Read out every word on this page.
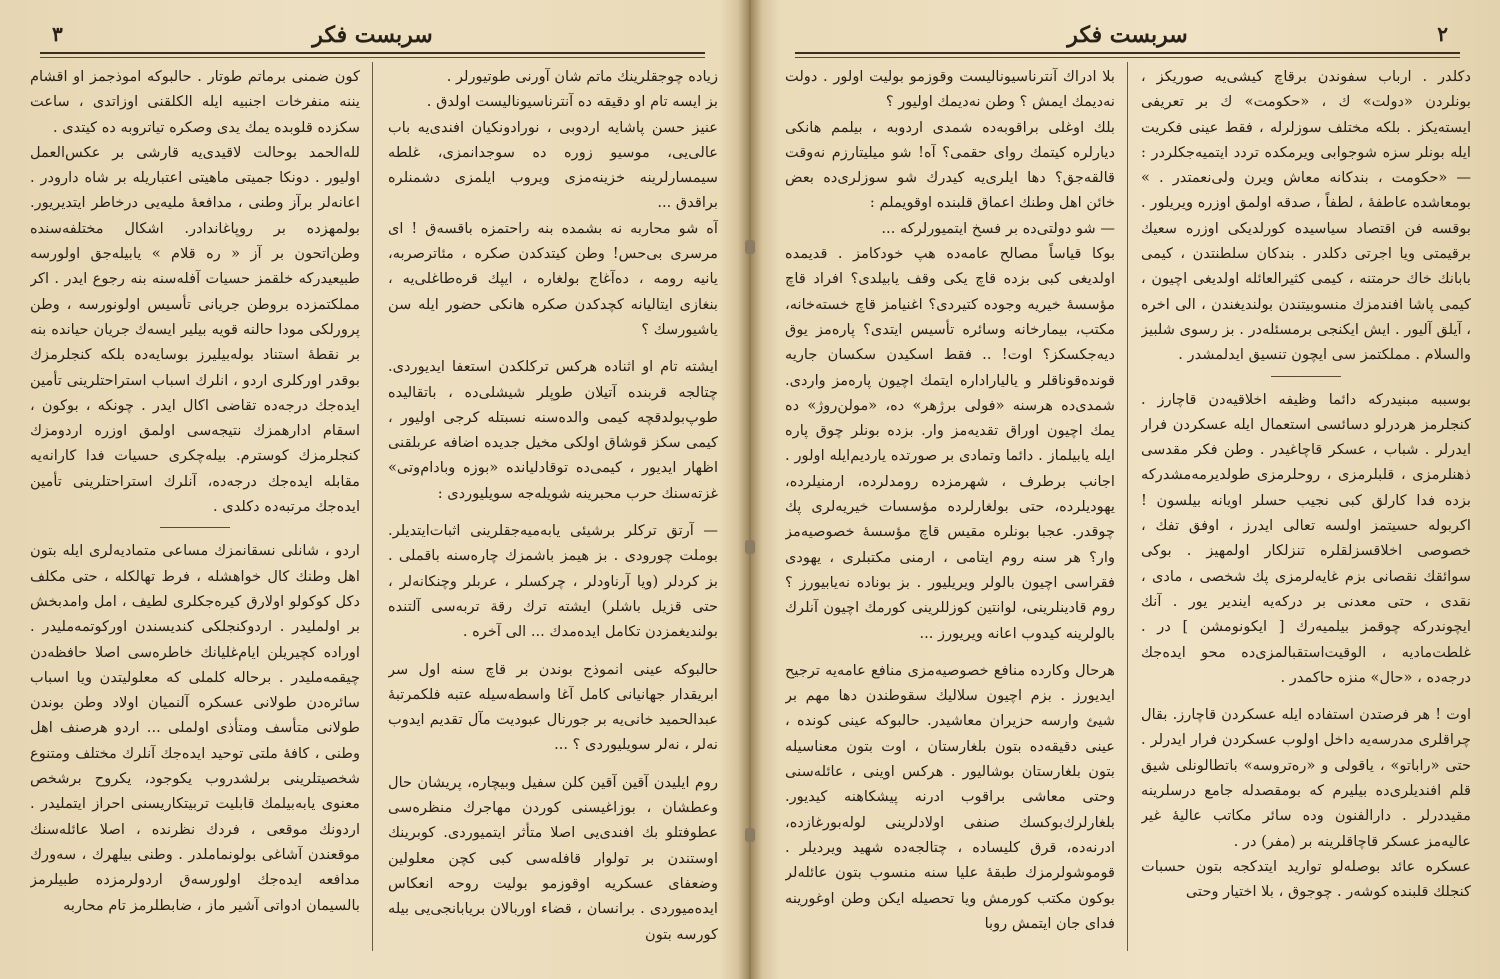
٣	سربست فكر

زياده چوجقلرينك ماتم شان آورنى طوتيورلر .

بز ايسه تام او دقيقه ده آنترناسيوناليست اولدق .

عنيز حسن پاشايه اردوبى ، نورادونكيان افندى‌يه باب عالى‌يى، موسيو زوره ده سوجدانمزى، غلطه سيمسارلرينه خزينه‌مزى ويروب ايلمزى دشمنلره براقدق ...

آه شو محاربه نه بشمده بنه راحتمزه باقسه‌ق ! اى مرسرى بى‌حس! وطن كيتدكدن صكره ، مئاترصربه، يانيه رومه ، ده‌آغاج بولغاره ، ايپك قره‌طاغلى‌يه ، بنغازى ايتاليانه كچدكدن صكره هانكى حضور ايله سن ياشيورسك ؟

ايشته تام او اثناده هركس تركلكدن استعفا ايديوردى. چتالجه قربنده آتيلان طوپلر شيشلى‌ده ، باتقاليده طوپ‌بولدقچه كيمى والده‌سنه نسبتله كرجى اوليور ، كيمى سكز قوشاق اولكى مخيل جديده اضافه عربلقنى اظهار ايديور ، كيمى‌ده توقادليانده «بوزه وبادام‌وتى» غزته‌سنك حرب محبرينه شويله‌جه سويليوردى :

— آرتق تركلر برشيئى يابه‌ميه‌جقلرينى اثبات‌ايتديلر. بوملت چورودى . بز هيمز باشمزك چاره‌سنه باقملى . بز كردلر (ويا آرناودلر ، چركسلر ، عربلر وچنكانه‌لر ، حتى قزيل باشلر) ايشته ترك رقة تربه‌سى آلتنده بولنديغمزدن تكامل ايده‌مدك ... الى آخره .

حالبوكه عينى انموذج بوندن بر قاچ سنه اول سر ابريقدار جهانيانى كامل آغا واسطه‌سيله عتبه فلكمرتبهٔ عبدالحميد خانى‌يه بر جورنال عبوديت مآل تقديم ايدوب نه‌لر ، نه‌لر سويليوردى ؟ ...

روم ايليدن آقين آقين كلن سفيل وبيچاره، پريشان حال وعطشان ، بوزاغيسنى كوردن مهاجرك منظره‌سى عطوفتلو بك افندى‌يى اصلا متأثر ايتميوردى. كوبرينك اوستندن بر تولوار قافله‌سى كبى كچن معلولين وضعفاى عسكريه اوقوزمو بوليت روحه انعكاس ايده‌ميوردى . برانسان ، قضاء اوربالان بريابانجى‌يى بيله كورسه بتون

كون ضمنى برماتم طوتار . حالبوكه اموذجمز او اقشام يننه منفرخات اجنبيه ايله الكلقنى اوزاتدى ، ساعت سكزده قلوبده يمك يدى وصكره تياتروبه ده كيتدى .

لله‌الحمد بوحالت لاقيدى‌يه قارشى بر عكس‌العمل اوليور . دونكا جميتى ماهيتى اعتباريله بر شاه دارودر . اعانه‌لر برآز وطنى ، مدافعهٔ مليه‌يى درخاطر ايتديريور. بولمهزده بر روپاغاندادر. اشكال مختلفه‌سنده وطن‌اتحون بر آز « ره قلام » يابيله‌جق اولورسه طبيعيدركه خلقمز حسيات آفله‌سنه بنه رجوع ايدر . اكر مملكتمزده بروطن جريانى تأسيس اولونورسه ، وطن پرورلكى مودا حالنه قويه بيلير ايسه‌ك جريان حيانده بنه بر نقطهٔ استناد بوله‌بيليرز بوسايه‌ده بلكه كنجلرمزك بوقدر اوركلرى اردو ، انلرك اسباب استراحتلرينى تأمين ايده‌جك درجه‌ده تقاضى اكال ايدر . چونكه ، بوكون ، اسقام ادارهمزك نتيجه‌سى اولمق اوزره اردومزك كنجلرمزك كوسترم. بيله‌چكرى حسيات فدا كارانه‌يه مقابله ايده‌جك درجه‌ده، آنلرك استراحتلرينى تأمين ايده‌جك مرتبه‌ده دكلدى .

اردو ، شانلى نسقانمزك مساعى متماديه‌لرى ايله بتون اهل وطنك كال خواهشله ، فرط تهالكله ، حتى مكلف دكل كوكولو اولارق كيره‌جكلرى لطيف ، امل وامدبخش بر اولمليدر . اردوكنجلكى كنديسندن اوركوتمه‌مليدر . اوراده كچيريلن ايام‌غليانك خاطره‌سى اصلا حافظه‌دن چيقمه‌مليدر . برحاله كلملى كه معلوليتدن ويا اسباب سائره‌دن طولانى عسكره آلنميان اولاد وطن بوندن طولانى متأسف ومتأذى اولملى ... اردو هرصنف اهل وطنى ، كافهٔ ملتى توحيد ايده‌جك آنلرك مختلف ومتنوع شخصيتلرينى برلشدروب يكوجود، يكروح برشخص معنوى يابه‌بيلمك قابليت تربيتكاريسنى احراز ايتمليدر . اردونك موقعى ، فردك نظرنده ، اصلا عائله‌سنك موقعندن آشاغى بولونماملدر . وطنى بيلهرك ، سه‌ورك مدافعه ايده‌جك اولورسه‌ق اردولرمزده طبيلرمز بالسيمان ادواتى آشير ماز ، ضابطلرمز تام محاربه

سربست فكر	٢

دكلدر . ارباب سفوندن برقاچ كيشى‌يه صوريكز ، بونلردن «دولت» ك ، «حكومت» ك بر تعريفى ايسته‌يكز . بلكه مختلف سوزلرله ، فقط عينى فكريت ايله بونلر سزه شوجوابى ويرمكده تردد ايتميه‌جكلردر : — «حكومت ، بندكانه معاش ويرن ولى‌نعمتدر . » بومعاشده عاطفهٔ ، لطفاً ، صدقه اولمق اوزره ويريلور . بوقسه فن اقتصاد سياسيده كورلديكى اوزره سعيك برقيمتى ويا اجرتى دكلدر . بندكان سلطنتدن ، كيمى بابانك خاك حرمتنه ، كيمى كثيرالعائله اولديغى اچيون ، كيمى پاشا افندمزك منسوبيتندن بولنديغندن ، الى اخره ، آيلق آليور . ايش ايكنجى برمسئله‌در . بز رسوى شلبيز والسلام . مملكتمز سى ايچون تنسيق ايدلمشدر .

بوسببه مبنيدركه دائما وظيفه اخلاقيه‌دن قاچارز . كنجلرمز هردرلو دسائسى استعمال ايله عسكردن فرار ايدرلر . شباب ، عسكر قاچاغيدر . وطن فكر مقدسى ذهنلرمزى ، قلبلرمزى ، روحلرمزى طولديرمه‌مشدركه بزده فدا كارلق كبى نجيب حسلر اويانه بيلسون ! اكربوله حسيتمز اولسه تعالى ايدرز ، اوفق تفك ، خصوصى اخلاقسزلقلره تنزلكار اولمهيز . بوكى سوائقك نقصانى بزم غايه‌لرمزى پك شخصى ، مادى ، نقدى ، حتى معدنى بر دركه‌يه ايندير يور . آنك ايچوندركه چوقمز بيلميه‌رك [ ايكونومشن ] در . غلطت‌ماديه ، الوقيت‌استقبالمزى‌ده محو ايده‌جك درجه‌ده ، «حال» منزه حاكمدر .

اوت ! هر فرصتدن استفاده ايله عسكردن قاچارز. بقال چراقلرى مدرسه‌يه داخل اولوب عسكردن فرار ايدرلر . حتى «راباتو» ، ياقولى و «ره‌تروسه» باتطالونلى شيق قلم افنديلرى‌ده بيليرم كه بومقصدله جامع درسلرينه مقيددرلر . دارالفنون وده سائر مكاتب عاليهٔ غير عاليه‌مز عسكر قاچاقلرينه بر (مفر) در .

عسكره عائد بوصله‌لو تواريد ايتدكجه بتون حسبات كنجلك قلبنده كوشه‌ر . چوجوق ، بلا اختيار وحتى

بلا ادراك آنترناسيوناليست وقوزمو بوليت اولور . دولت نه‌ديمك ايمش ؟ وطن نه‌ديمك اوليور ؟

بلك اوغلى براقوبه‌ده شمدى اردوبه ، بيلمم هانكى ديارلره كيتمك رواى حقمى؟ آه! شو ميليتارزم نه‌وقت قالقه‌جق؟ دها ايلرى‌يه كيدرك شو سوزلرى‌ده بعض خائن اهل وطنك اعماق قلبنده اوقويملم :

— شو دولتى‌ده بر فسخ ايتميورلركه ...

بوكا قياساً مصالح عامه‌ده هپ خودكامز . قديمده اولديغى كبى بزده قاچ يكى وقف يابيلدى؟ افراد قاچ مؤسسهٔ خيريه وجوده كتيردى؟ اغنيامز قاچ خسته‌خانه، مكتب، بيمارخانه وسائره تأسيس ايتدى؟ پاره‌مز يوق ديه‌جكسكز؟ اوت! .. فقط اسكيدن سكسان جاريه قونده‌قوناقلر و يالياراداره ايتمك اچيون پاره‌مز واردى. شمدى‌ده هرسنه «فولى برژهر» ده، «مولن‌روژ» ده يمك اچيون اوراق تقديه‌مز وار. بزده بونلر چوق پاره ايله يابيلماز . دائما وتمادى بر صورتده يارديم‌ايله اولور . اجانب برطرف ، شهرمزده رومدلرده، ارمنيلرده، يهوديلرده، حتى بولغارلرده مؤسسات خيريه‌لرى پك چوقدر. عجبا بونلره مقيس قاچ مؤسسهٔ خصوصيه‌مز وار؟ هر سنه روم ايتامى ، ارمنى مكتبلرى ، يهودى فقراسى اچيون بالولر ويريليور . بز بوناده نه‌يابيورز ؟ روم قادينلرينى، لوانتين كوزللرينى كورمك اچيون آنلرك بالولرينه كيدوب اعانه ويريورز ...

هرحال وكارده منافع خصوصيه‌مزى منافع عامه‌يه ترجيح ايديورز . بزم اچيون سلاليك سقوطندن دها مهم بر شيئ وارسه حزيران معاشيدر. حالبوكه عينى كونده ، عينى دقيقه‌ده بتون بلغارستان ، اوت بتون معناسيله بتون بلغارستان بوشاليور . هركس اوينى ، عائله‌سنى وحتى معاشى براقوب ادرنه پيشكاهنه كيديور. بلغارلرك‌بوكسك صنفى اولادلرينى لوله‌بورغازده، ادرنه‌ده، قرق كليساده ، چتالجه‌ده شهيد ويرديلر . قوموشولرمزك طبقهٔ عليا سنه منسوب بتون عائله‌لر بوكون مكتب كورمش ويا تحصيله ايكن وطن اوغورينه فداى جان ايتمش روبا
